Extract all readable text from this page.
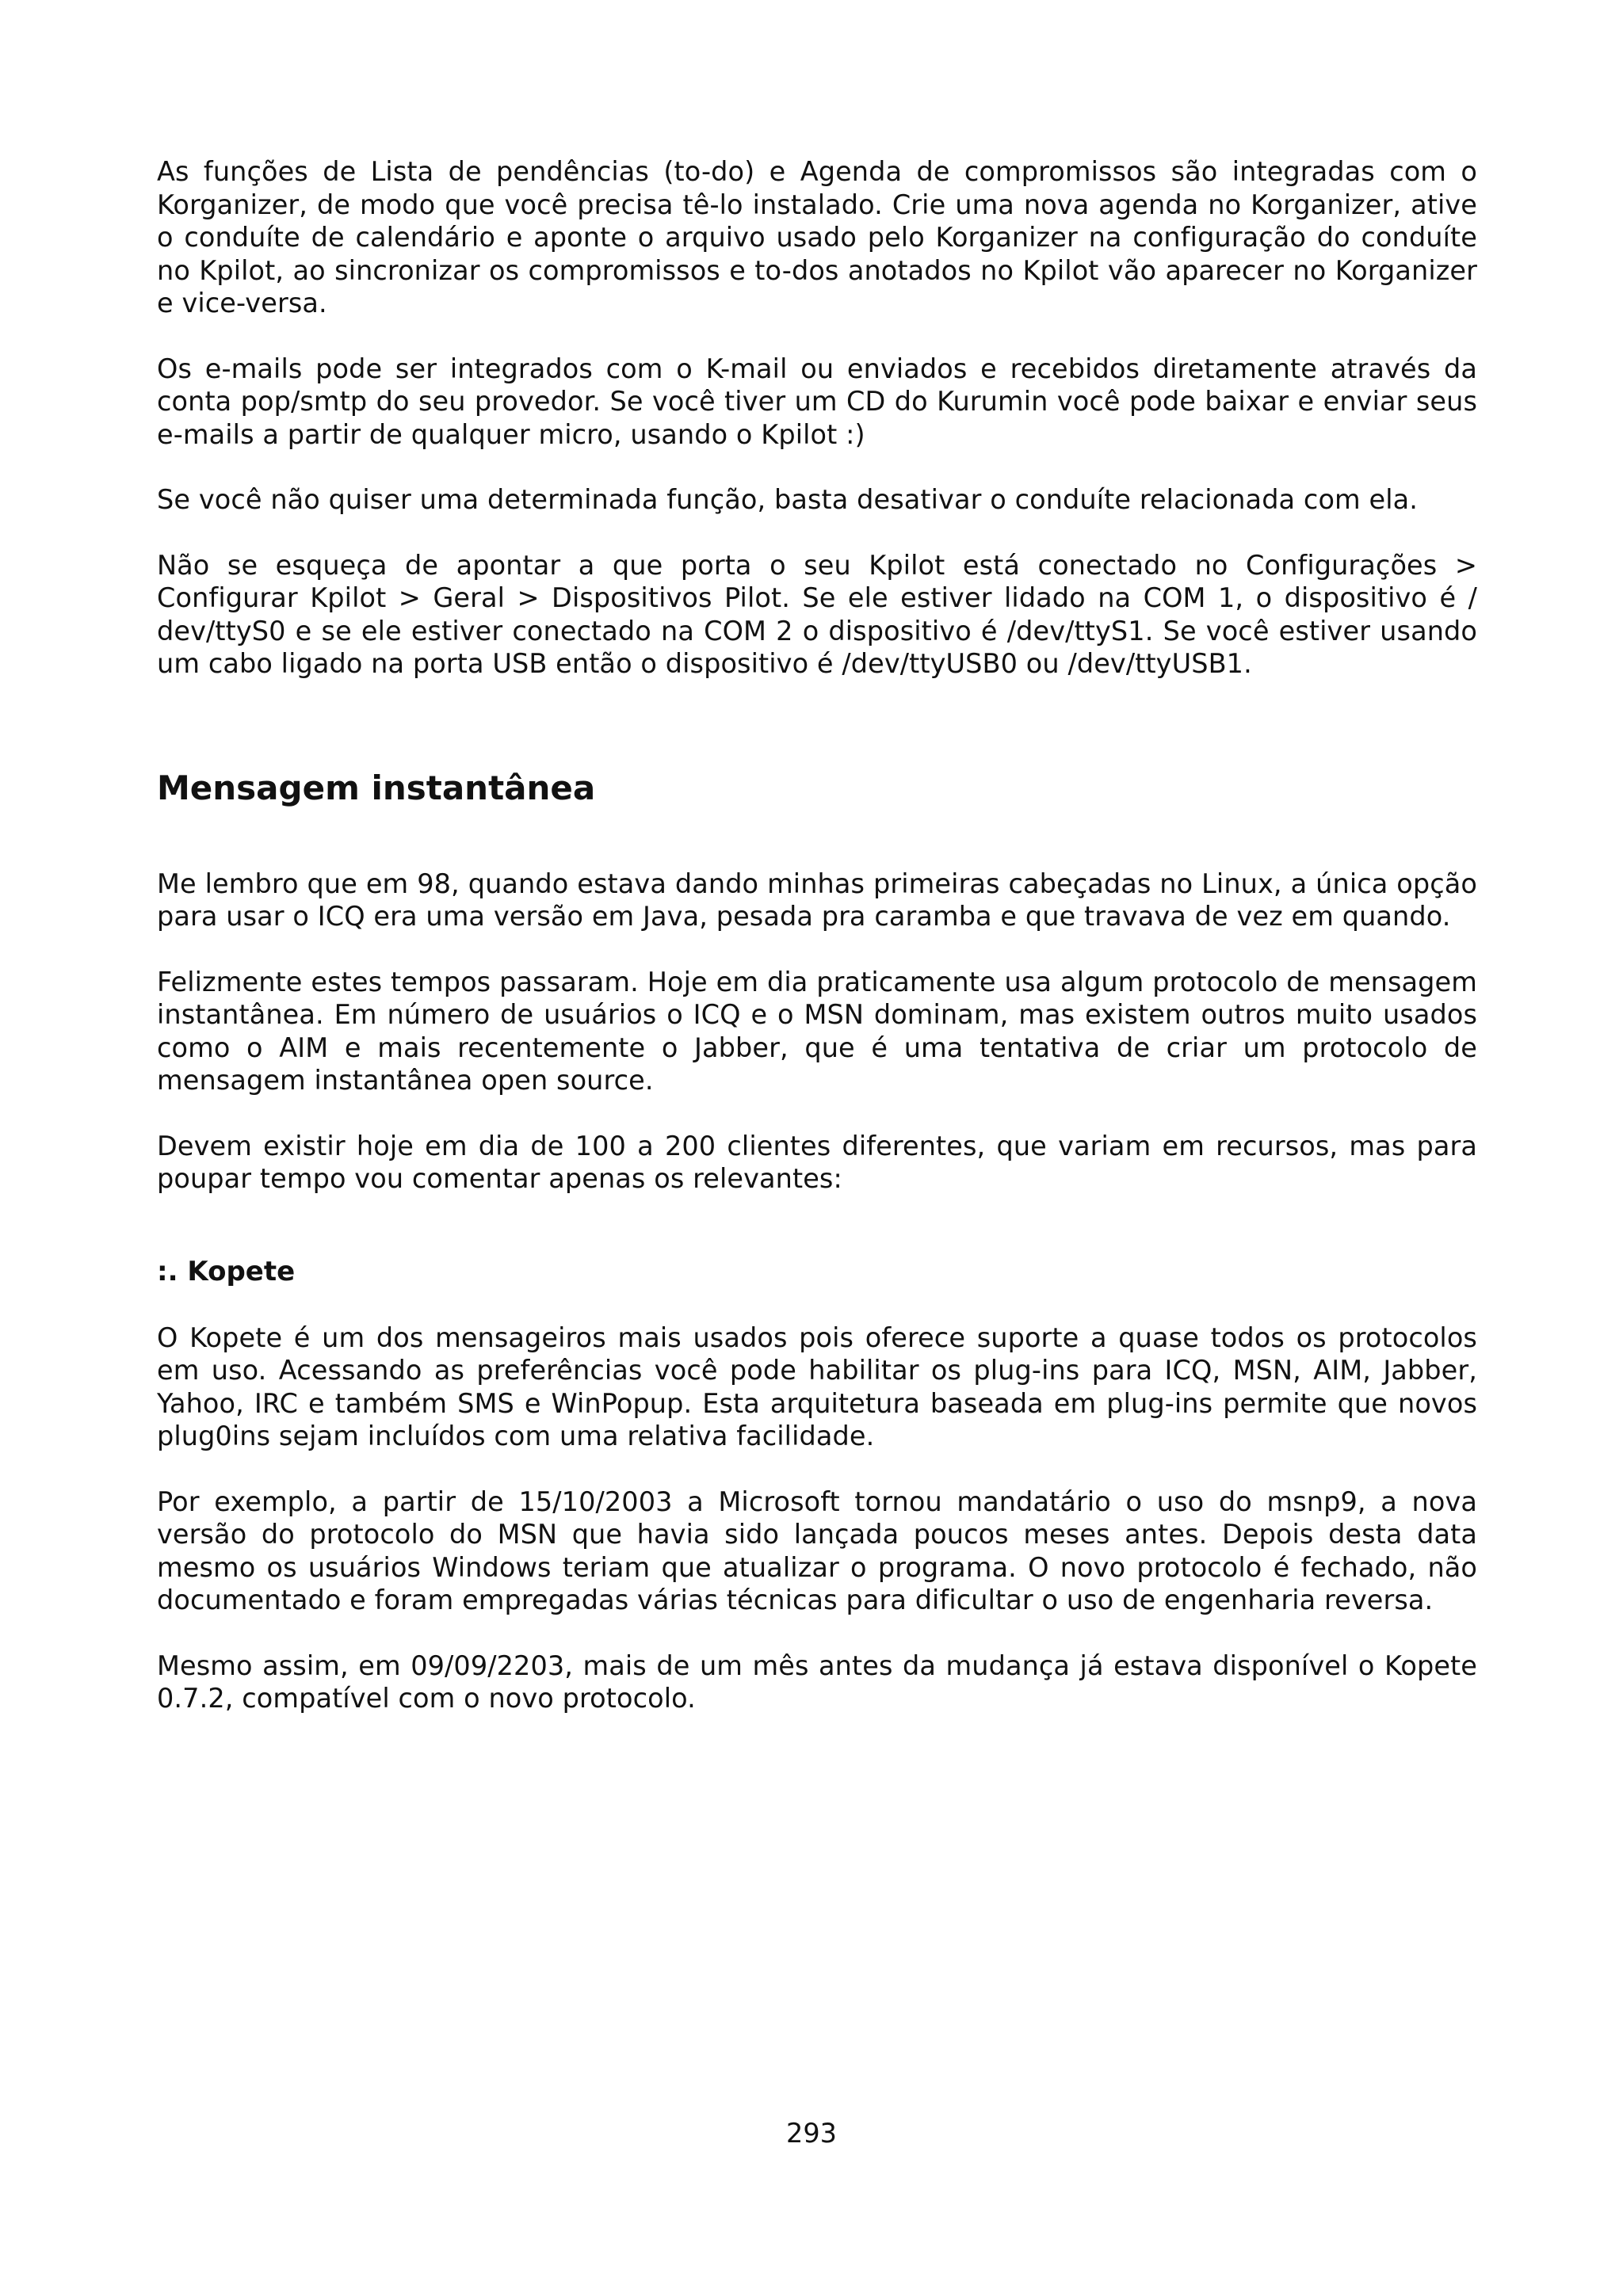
As funções de Lista de pendências (to-do) e Agenda de compromissos são integradas com o Korganizer, de modo que você precisa tê-lo instalado. Crie uma nova agenda no Korganizer, ative o conduíte de calendário e aponte o arquivo usado pelo Korganizer na configuração do conduíte no Kpilot, ao sincronizar os compromissos e to-dos anotados no Kpilot vão aparecer no Korganizer e vice-versa.

Os e-mails pode ser integrados com o K-mail ou enviados e recebidos diretamente através da conta pop/smtp do seu provedor. Se você tiver um CD do Kurumin você pode baixar e enviar seus e-mails a partir de qualquer micro, usando o Kpilot :)

Se você não quiser uma determinada função, basta desativar o conduíte relacionada com ela.

Não se esqueça de apontar a que porta o seu Kpilot está conectado no Configurações > Configurar Kpilot > Geral > Dispositivos Pilot. Se ele estiver lidado na COM 1, o dispositivo é / dev/ttyS0 e se ele estiver conectado na COM 2 o dispositivo é /dev/ttyS1. Se você estiver usando um cabo ligado na porta USB então o dispositivo é /dev/ttyUSB0 ou /dev/ttyUSB1.

Mensagem instantânea

Me lembro que em 98, quando estava dando minhas primeiras cabeçadas no Linux, a única opção para usar o ICQ era uma versão em Java, pesada pra caramba e que travava de vez em quando.

Felizmente estes tempos passaram. Hoje em dia praticamente usa algum protocolo de mensagem instantânea. Em número de usuários o ICQ e o MSN dominam, mas existem outros muito usados como o AIM e mais recentemente o Jabber, que é uma tentativa de criar um protocolo de mensagem instantânea open source.

Devem existir hoje em dia de 100 a 200 clientes diferentes, que variam em recursos, mas para poupar tempo vou comentar apenas os relevantes:

:. Kopete

O Kopete é um dos mensageiros mais usados pois oferece suporte a quase todos os protocolos em uso. Acessando as preferências você pode habilitar os plug-ins para ICQ, MSN, AIM, Jabber, Yahoo, IRC e também SMS e WinPopup. Esta arquitetura baseada em plug-ins permite que novos plug0ins sejam incluídos com uma relativa facilidade.

Por exemplo, a partir de 15/10/2003 a Microsoft tornou mandatário o uso do msnp9, a nova versão do protocolo do MSN que havia sido lançada poucos meses antes. Depois desta data mesmo os usuários Windows teriam que atualizar o programa. O novo protocolo é fechado, não documentado e foram empregadas várias técnicas para dificultar o uso de engenharia reversa.

Mesmo assim, em 09/09/2203, mais de um mês antes da mudança já estava disponível o Kopete 0.7.2, compatível com o novo protocolo.

293
